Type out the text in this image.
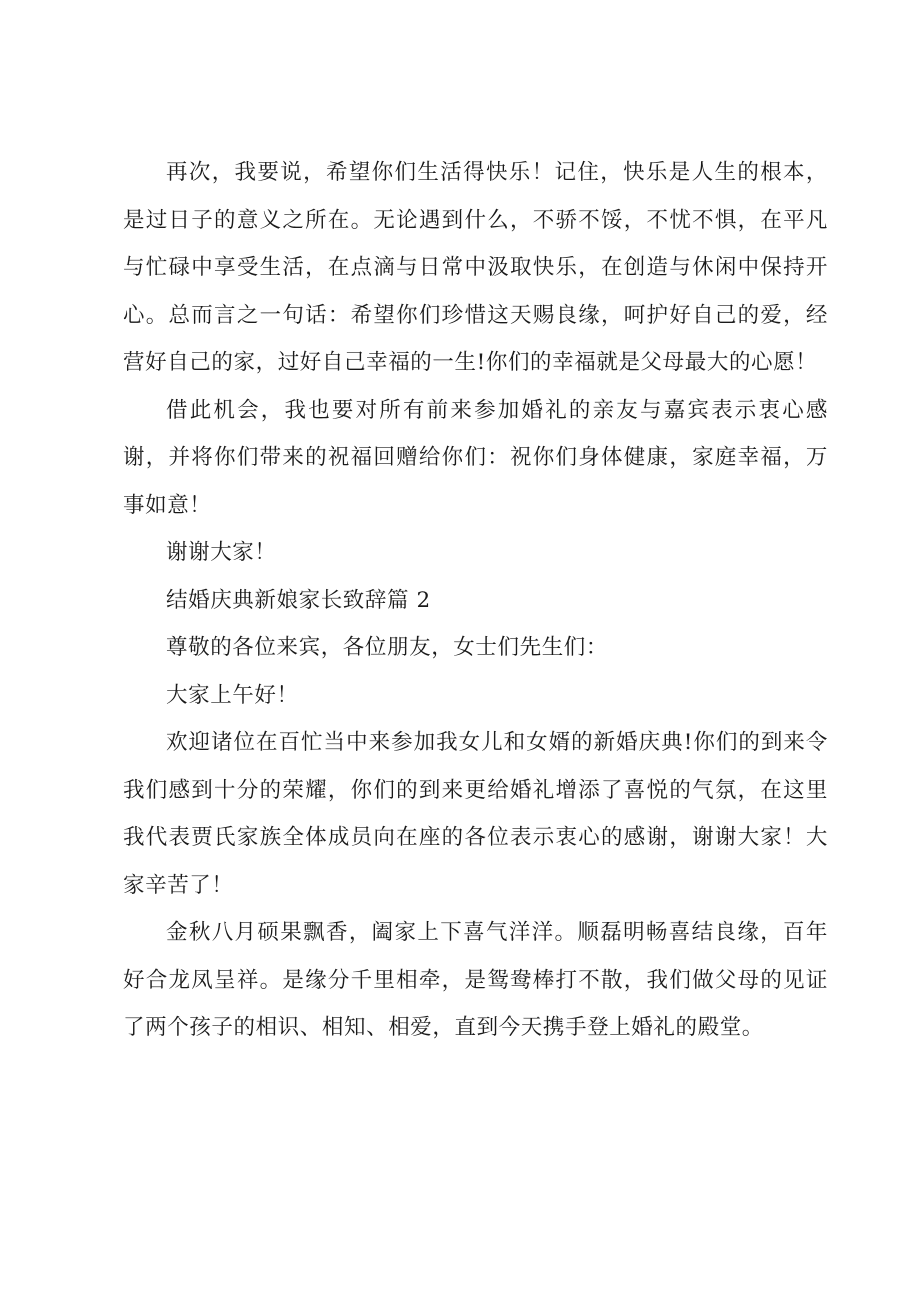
再次，我要说，希望你们生活得快乐！记住，快乐是人生的根本，是过日子的意义之所在。无论遇到什么，不骄不馁，不忧不惧，在平凡与忙碌中享受生活，在点滴与日常中汲取快乐，在创造与休闲中保持开心。总而言之一句话：希望你们珍惜这天赐良缘，呵护好自己的爱，经营好自己的家，过好自己幸福的一生!你们的幸福就是父母最大的心愿！

借此机会，我也要对所有前来参加婚礼的亲友与嘉宾表示衷心感谢，并将你们带来的祝福回赠给你们：祝你们身体健康，家庭幸福，万事如意！

谢谢大家！

结婚庆典新娘家长致辞篇 2

尊敬的各位来宾，各位朋友，女士们先生们：

大家上午好！

欢迎诸位在百忙当中来参加我女儿和女婿的新婚庆典!你们的到来令我们感到十分的荣耀，你们的到来更给婚礼增添了喜悦的气氛，在这里我代表贾氏家族全体成员向在座的各位表示衷心的感谢，谢谢大家！大家辛苦了！

金秋八月硕果飘香，阖家上下喜气洋洋。顺磊明畅喜结良缘，百年好合龙凤呈祥。是缘分千里相牵，是鸳鸯棒打不散，我们做父母的见证了两个孩子的相识、相知、相爱，直到今天携手登上婚礼的殿堂。
